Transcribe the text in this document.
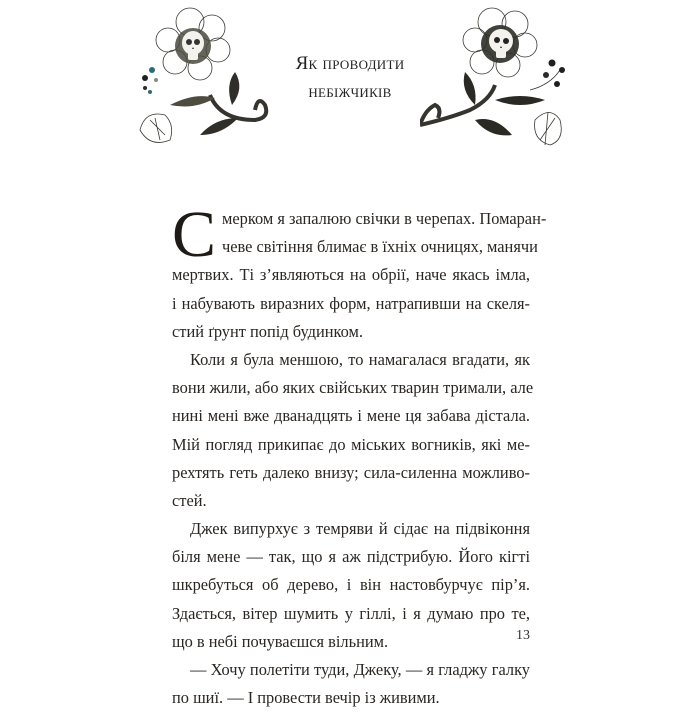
Як проводити
небіжчиків
С мерком я запалюю свічки в черепах. Помаран-
чеве світіння блимає в їхніх очницях, манячи
мертвих. Ті з’являються на обрії, наче якась імла,
і набувають виразних форм, натрапивши на скеля-
стий ґрунт попід будинком.
Коли я була меншою, то намагалася вгадати, як
вони жили, або яких свійських тварин тримали, але
нині мені вже дванадцять і мене ця забава дістала.
Мій погляд прикипає до міських вогників, які ме-
рехтять геть далеко внизу; сила-силенна можливо-
стей.
Джек випурхує з темряви й сідає на підвіконня
біля мене — так, що я аж підстрибую. Його кігті
шкребуться об дерево, і він настовбурчує пір’я.
Здається, вітер шумить у гіллі, і я думаю про те,
що в небі почуваєшся вільним.
— Хочу полетіти туди, Джеку, — я гладжу галку
по шиї. — І провести вечір із живими.
13
